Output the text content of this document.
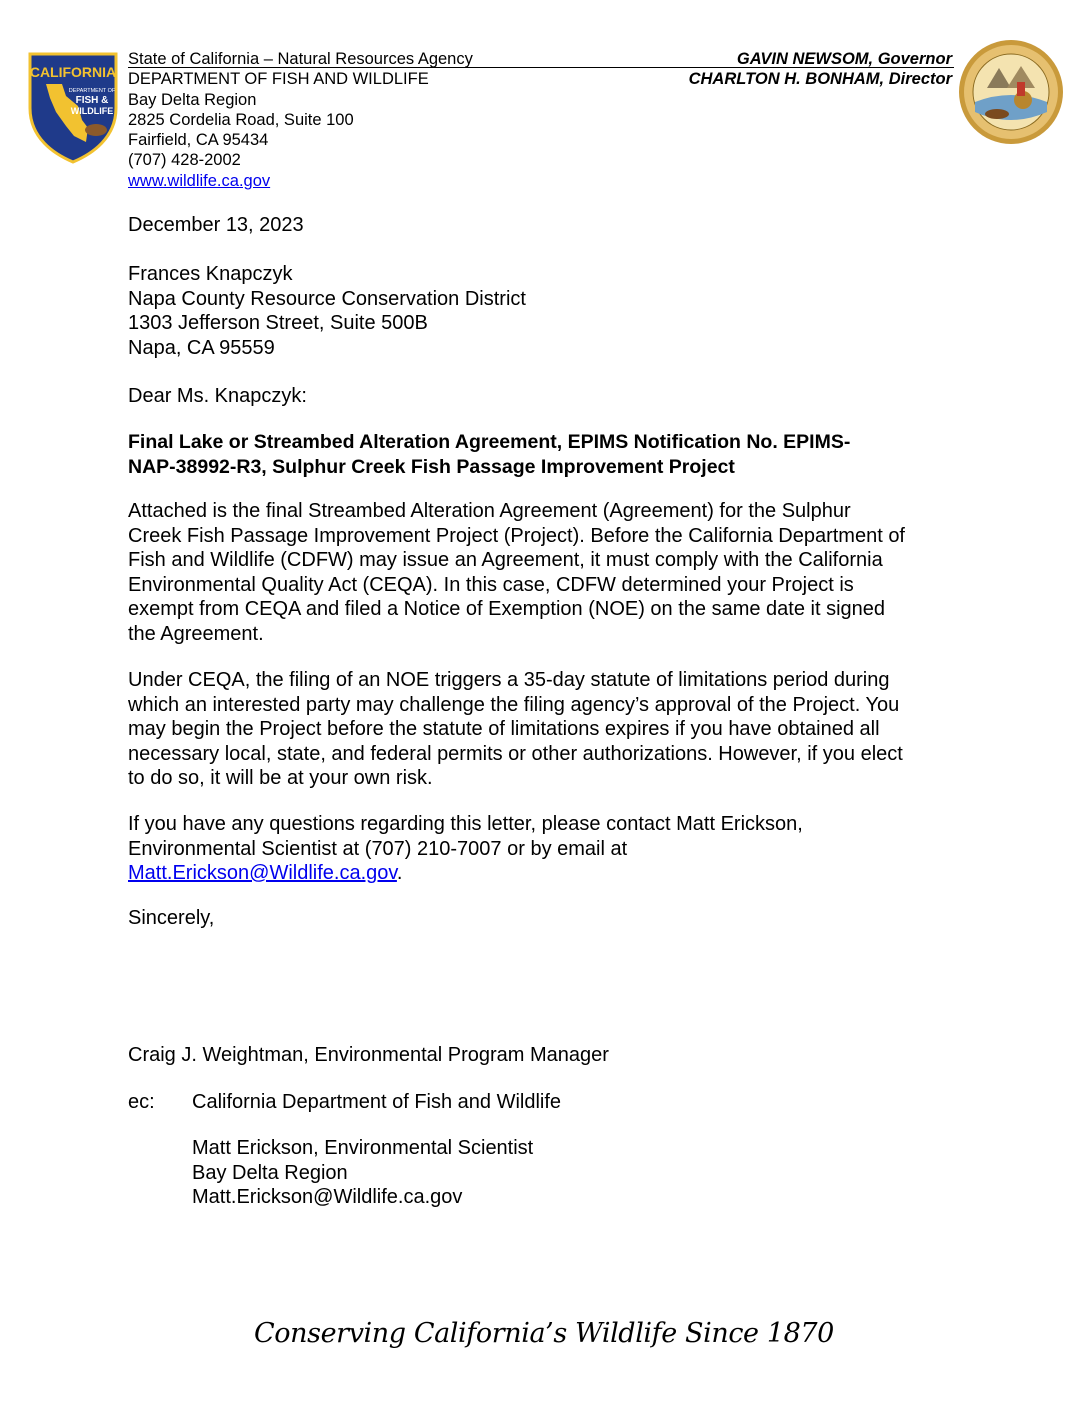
CALIFORNIA
DEPARTMENT OF
FISH &
WILDLIFE
State of California – Natural Resources Agency
DEPARTMENT OF FISH AND WILDLIFE
Bay Delta Region
2825 Cordelia Road, Suite 100
Fairfield, CA 95434
(707) 428-2002
www.wildlife.ca.gov
GAVIN NEWSOM, Governor
CHARLTON H. BONHAM, Director
December 13, 2023
Frances Knapczyk
Napa County Resource Conservation District
1303 Jefferson Street, Suite 500B
Napa, CA 95559
Dear Ms. Knapczyk:
Final Lake or Streambed Alteration Agreement, EPIMS Notification No. EPIMS-
NAP-38992-R3, Sulphur Creek Fish Passage Improvement Project
Attached is the final Streambed Alteration Agreement (Agreement) for the Sulphur
Creek Fish Passage Improvement Project (Project). Before the California Department of
Fish and Wildlife (CDFW) may issue an Agreement, it must comply with the California
Environmental Quality Act (CEQA). In this case, CDFW determined your Project is
exempt from CEQA and filed a Notice of Exemption (NOE) on the same date it signed
the Agreement.
Under CEQA, the filing of an NOE triggers a 35-day statute of limitations period during
which an interested party may challenge the filing agency’s approval of the Project. You
may begin the Project before the statute of limitations expires if you have obtained all
necessary local, state, and federal permits or other authorizations. However, if you elect
to do so, it will be at your own risk.
If you have any questions regarding this letter, please contact Matt Erickson,
Environmental Scientist at (707) 210-7007 or by email at
Matt.Erickson@Wildlife.ca.gov.
Sincerely,
Craig J. Weightman, Environmental Program Manager
ec: California Department of Fish and Wildlife
Matt Erickson, Environmental Scientist
Bay Delta Region
Matt.Erickson@Wildlife.ca.gov
Conserving California’s Wildlife Since 1870
